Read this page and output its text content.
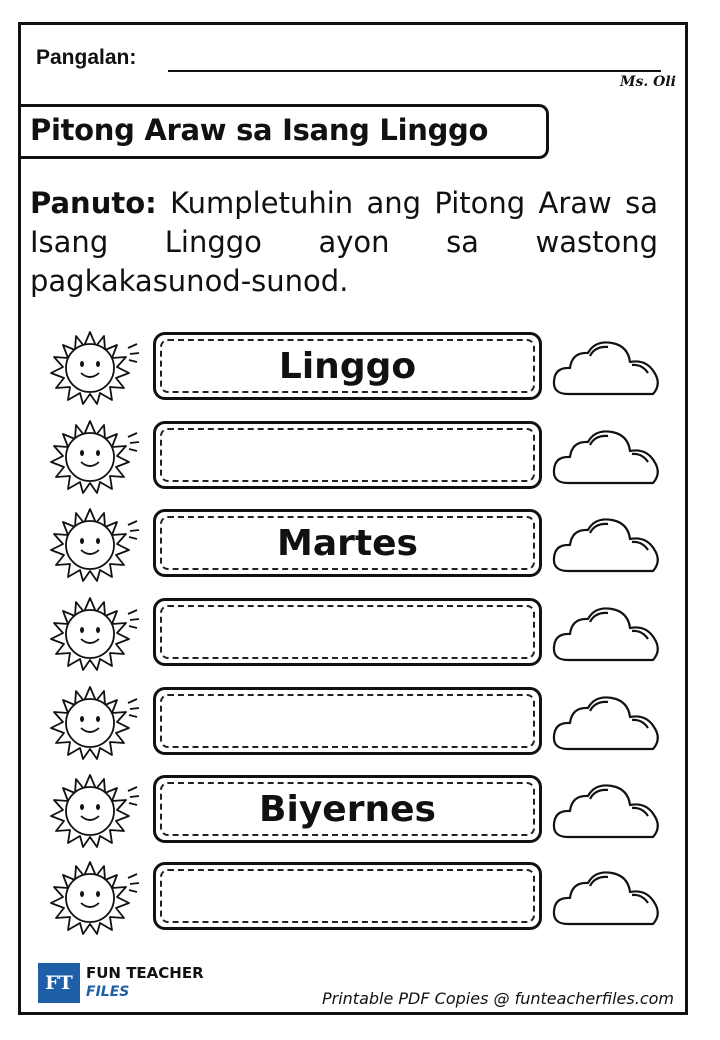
Pangalan:
Ms. Oli
Pitong Araw sa Isang Linggo
Panuto: Kumpletuhin ang Pitong Araw sa Isang Linggo ayon sa wastong pagkakasunod-sunod.
Linggo
Martes
Biyernes
FT FUN TEACHER
FILES	Printable PDF Copies @ funteacherfiles.com
